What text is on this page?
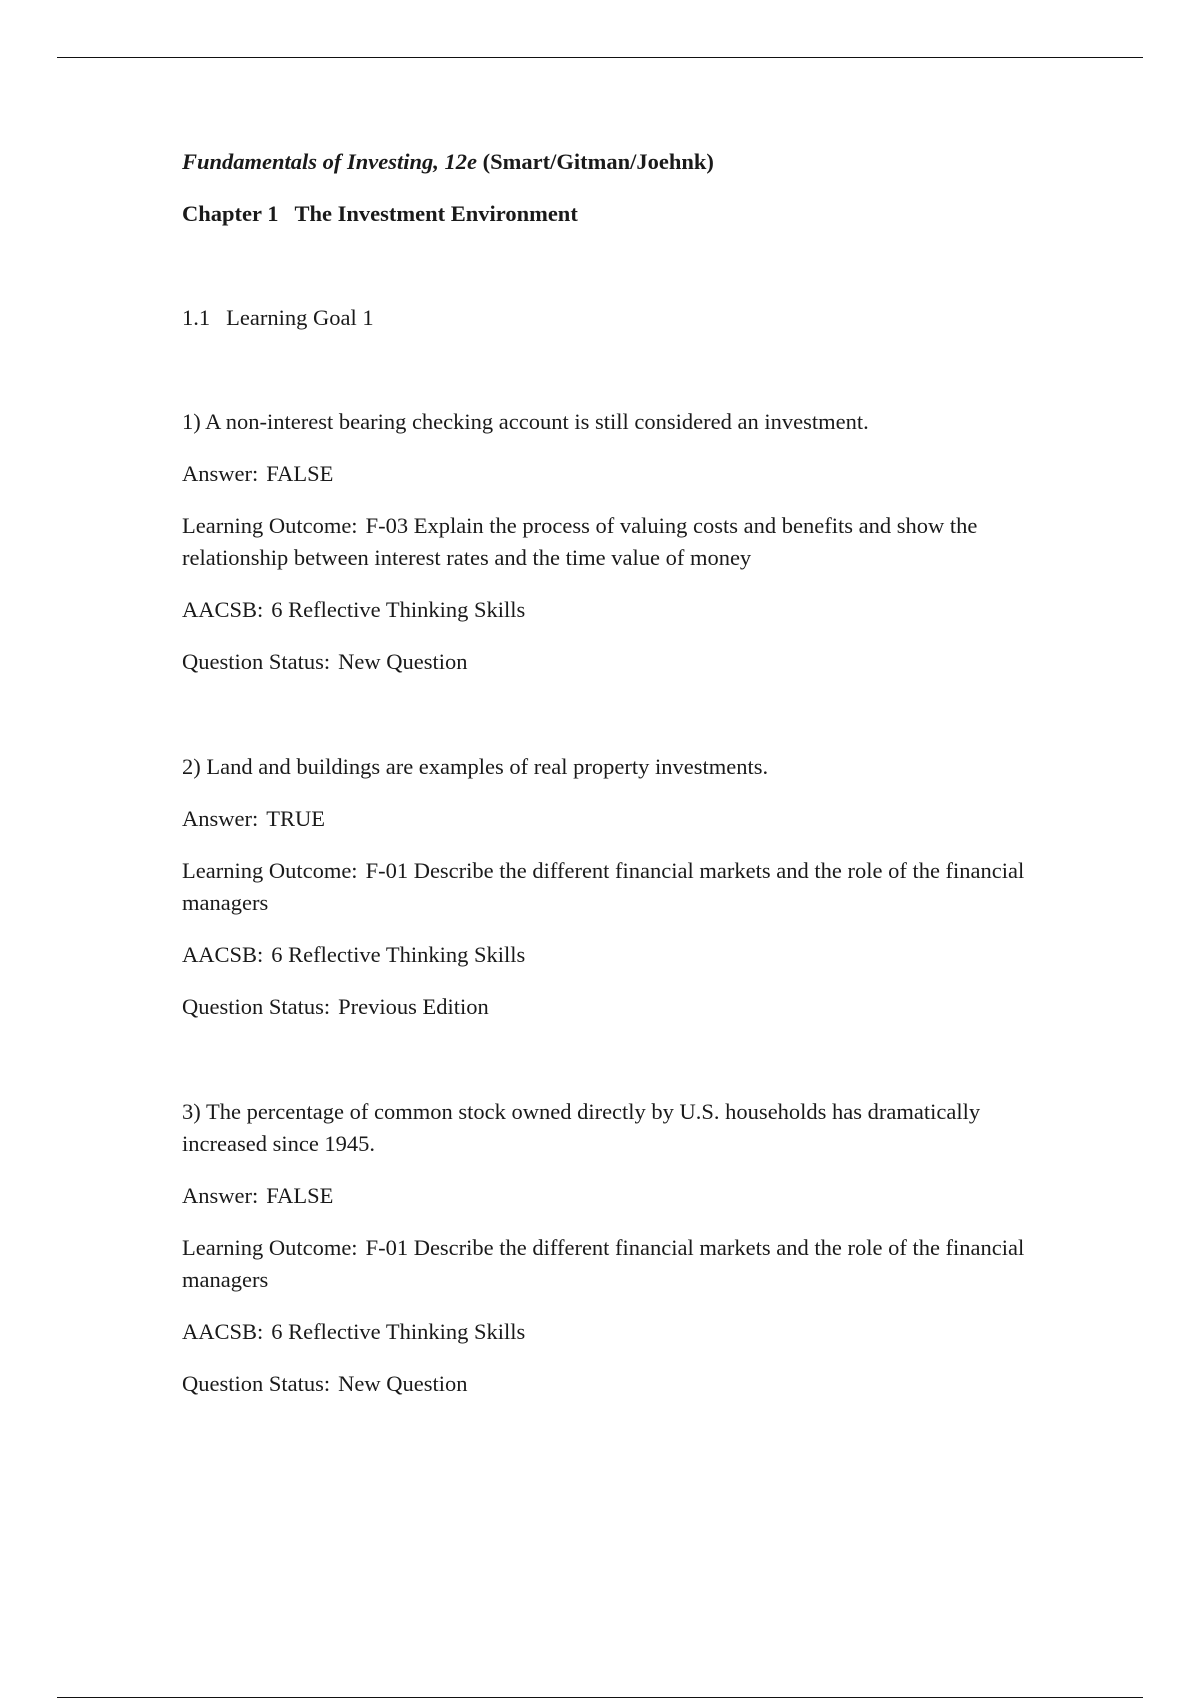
Fundamentals of Investing, 12e (Smart/Gitman/Joehnk)

Chapter 1 The Investment Environment

1.1 Learning Goal 1

1) A non-interest bearing checking account is still considered an investment.

Answer: FALSE

Learning Outcome: F-03 Explain the process of valuing costs and benefits and show the relationship between interest rates and the time value of money

AACSB: 6 Reflective Thinking Skills

Question Status: New Question

2) Land and buildings are examples of real property investments.

Answer: TRUE

Learning Outcome: F-01 Describe the different financial markets and the role of the financial managers

AACSB: 6 Reflective Thinking Skills

Question Status: Previous Edition

3) The percentage of common stock owned directly by U.S. households has dramatically increased since 1945.

Answer: FALSE

Learning Outcome: F-01 Describe the different financial markets and the role of the financial managers

AACSB: 6 Reflective Thinking Skills

Question Status: New Question
